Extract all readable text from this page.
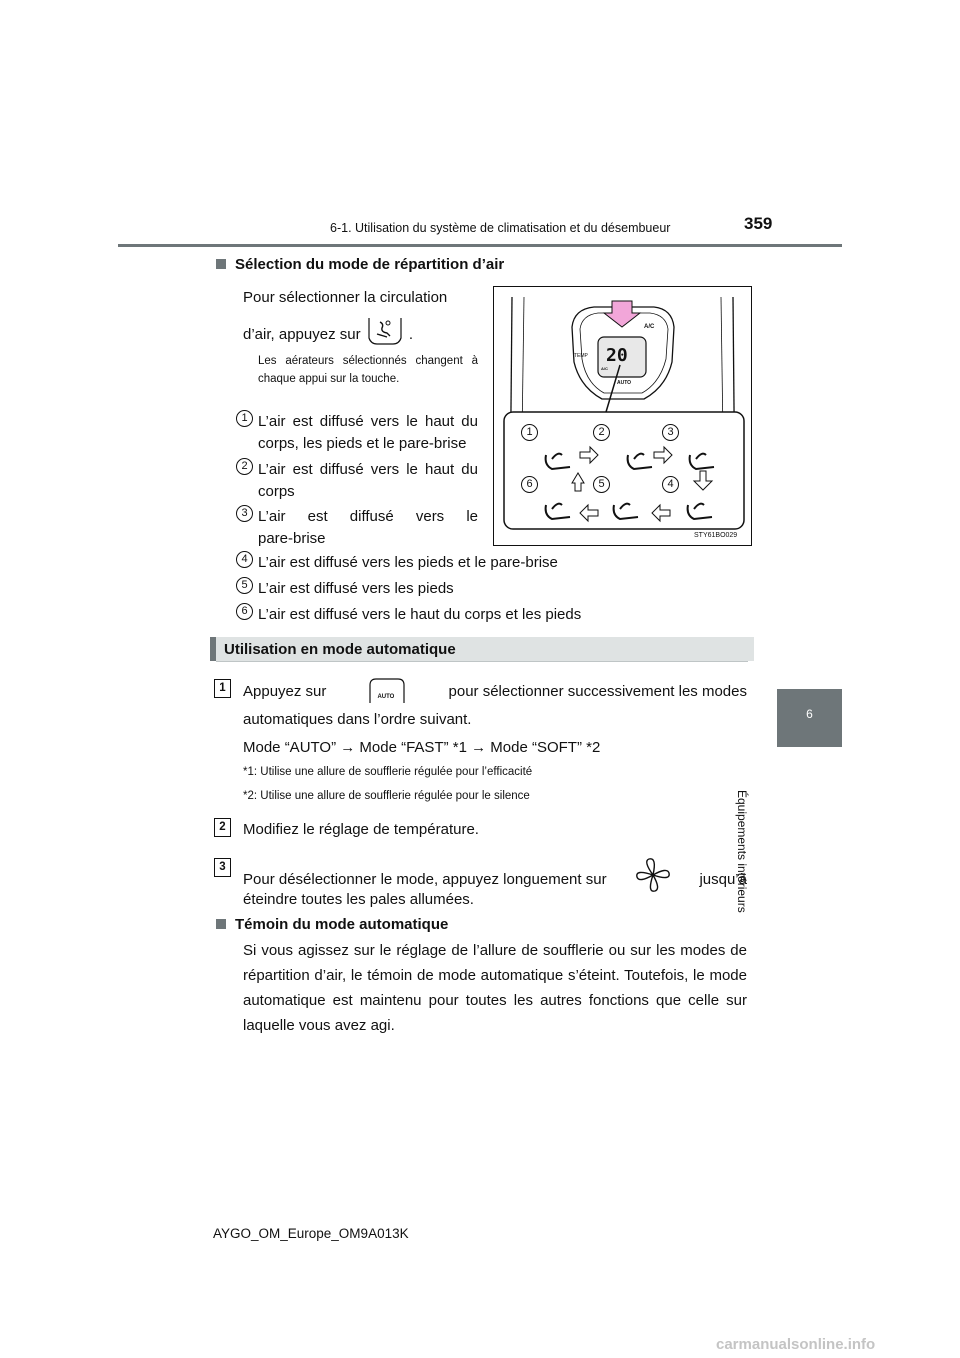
6-1. Utilisation du système de climatisation et du désembueur	359
6
Équipements intérieurs
Sélection du mode de répartition d’air
Pour sélectionner la circulation
d’air, appuyez sur	.
Les aérateurs sélectionnés changent à chaque appui sur la touche.
1 L’air est diffusé vers le haut du
corps, les pieds et le pare-brise
2 L’air est diffusé vers le haut du
corps
3 L’air est diffusé vers le
pare-brise
4 L’air est diffusé vers les pieds et le pare-brise
5 L’air est diffusé vers les pieds
6 L’air est diffusé vers le haut du corps et les pieds
1	2	3
4
5
6
20
A/C
TEMP
AUTO
A/C
STY61BO029
Utilisation en mode automatique
1	Appuyez sur	AUTO	pour sélectionner successivement les modes
automatiques dans l’ordre suivant.
Mode “AUTO” → Mode “FAST” *1 → Mode “SOFT” *2
*1: Utilise une allure de soufflerie régulée pour l’efficacité
*2: Utilise une allure de soufflerie régulée pour le silence
2	Modifiez le réglage de température.
3
Pour désélectionner le mode, appuyez longuement sur	jusqu’à
éteindre toutes les pales allumées.
Témoin du mode automatique
Si vous agissez sur le réglage de l’allure de soufflerie ou sur les modes de répartition d’air, le témoin de mode automatique s’éteint. Toutefois, le mode automatique est maintenu pour toutes les autres fonctions que celle sur laquelle vous avez agi.
AYGO_OM_Europe_OM9A013K
carmanualsonline.info
